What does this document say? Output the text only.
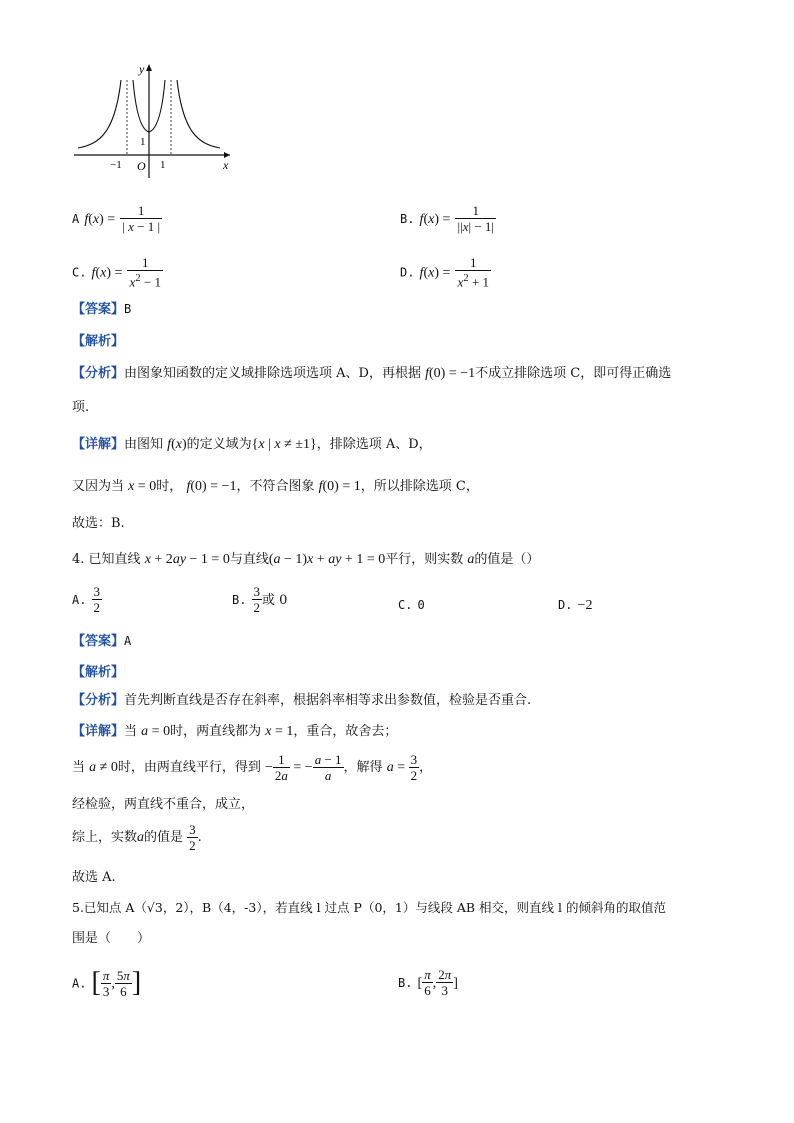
y
x
O
−1	1
1
A $f(x) = \frac{1}{| x - 1 |}$	B. $f(x) = \frac{1}{||x| - 1|}$
C. $f(x) = \frac{1}{x^2 - 1}$	D. $f(x) = \frac{1}{x^2 + 1}$
【答案】B
【解析】
【分析】由图象知函数的定义域排除选项选项 A、D，再根据 f(0) = −1不成立排除选项 C，即可得正确选
项.
【详解】由图知 f(x)的定义域为{x | x ≠ ±1}，排除选项 A、D，
又因为当 x = 0时， f(0) = −1，不符合图象 f(0) = 1，所以排除选项 C，
故选：B.
4. 已知直线 x + 2ay − 1 = 0与直线(a − 1)x + ay + 1 = 0平行，则实数 a的值是（）
A. $\frac{3}{2}$	B. $\frac{3}{2}$ 或 0	C. 0	D. −2
【答案】A
【解析】
【分析】首先判断直线是否存在斜率，根据斜率相等求出参数值，检验是否重合.
【详解】当 a = 0时，两直线都为 x = 1，重合，故舍去；
当 a ≠ 0时，由两直线平行，得到 − $\frac{1}{2a}$ = − $\frac{a - 1}{a}$ ，解得 $a = \frac{3}{2}$ ，
经检验，两直线不重合，成立，
综上，实数a的值是 $\frac{3}{2}$ .
故选 A.
5.已知点 A（√3，2），B（4，-3），若直线 l 过点 P（0，1）与线段 AB 相交，则直线 l 的倾斜角的取值范
围是（　　）
A. [ $\frac{\pi}{3}$ , $\frac{5\pi}{6}$ ]	B. [ $\frac{\pi}{6}$ , $\frac{2\pi}{3}$ ]
